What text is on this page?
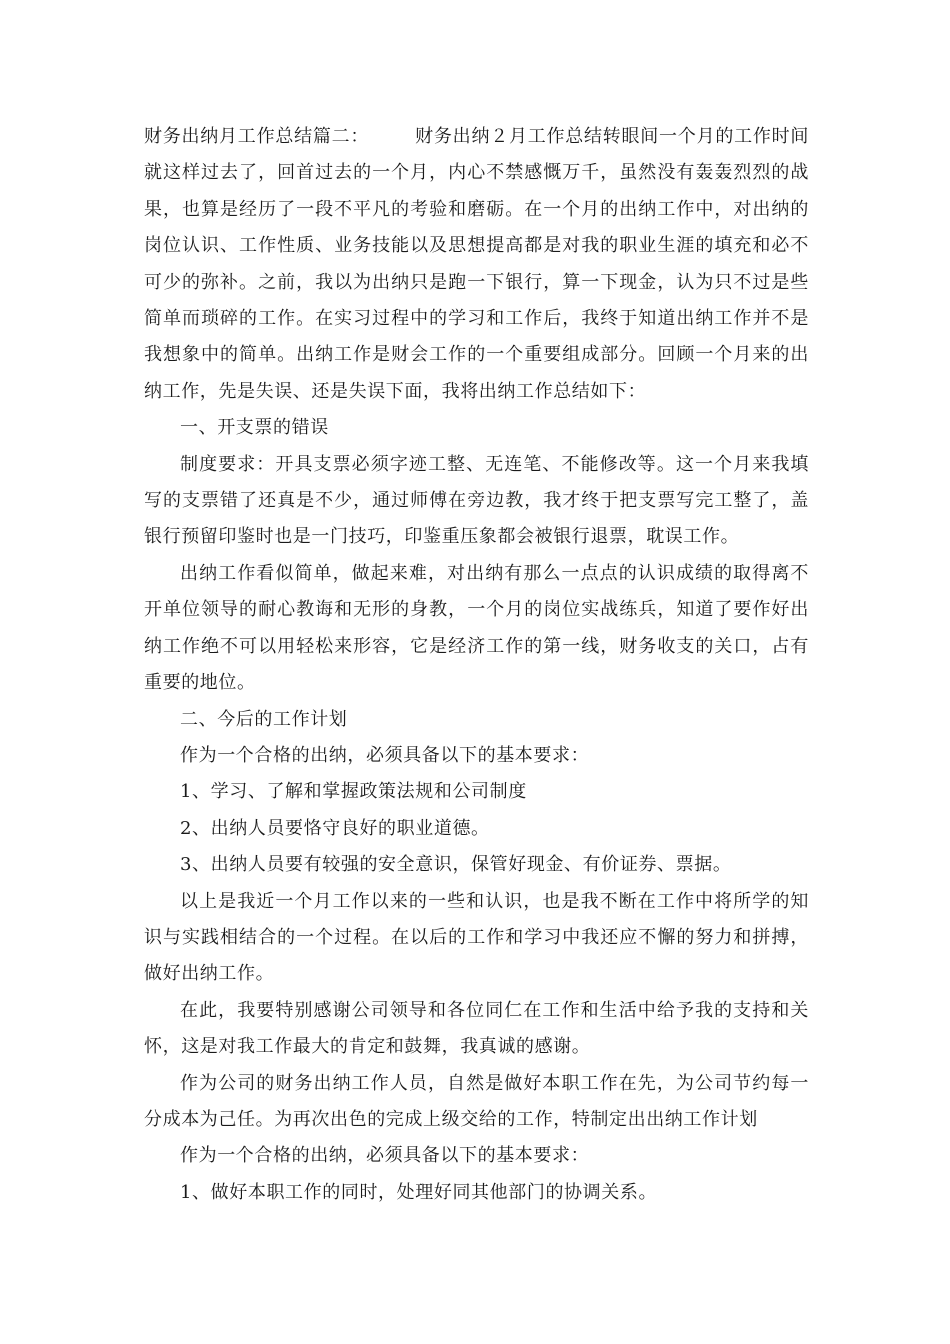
财务出纳月工作总结篇二：	财务出纳２月工作总结转眼间一个月的工作时间就这样过去了，回首过去的一个月，内心不禁感慨万千，虽然没有轰轰烈烈的战果，也算是经历了一段不平凡的考验和磨砺。在一个月的出纳工作中，对出纳的岗位认识、工作性质、业务技能以及思想提高都是对我的职业生涯的填充和必不可少的弥补。之前，我以为出纳只是跑一下银行，算一下现金，认为只不过是些简单而琐碎的工作。在实习过程中的学习和工作后，我终于知道出纳工作并不是我想象中的简单。出纳工作是财会工作的一个重要组成部分。回顾一个月来的出纳工作，先是失误、还是失误下面，我将出纳工作总结如下：

一、开支票的错误

制度要求：开具支票必须字迹工整、无连笔、不能修改等。这一个月来我填写的支票错了还真是不少，通过师傅在旁边教，我才终于把支票写完工整了，盖银行预留印鉴时也是一门技巧，印鉴重压象都会被银行退票，耽误工作。

出纳工作看似简单，做起来难，对出纳有那么一点点的认识成绩的取得离不开单位领导的耐心教诲和无形的身教，一个月的岗位实战练兵，知道了要作好出纳工作绝不可以用轻松来形容，它是经济工作的第一线，财务收支的关口，占有重要的地位。

二、今后的工作计划

作为一个合格的出纳，必须具备以下的基本要求：

1、学习、了解和掌握政策法规和公司制度

2、出纳人员要恪守良好的职业道德。

3、出纳人员要有较强的安全意识，保管好现金、有价证券、票据。

以上是我近一个月工作以来的一些和认识，也是我不断在工作中将所学的知识与实践相结合的一个过程。在以后的工作和学习中我还应不懈的努力和拼搏，做好出纳工作。

在此，我要特别感谢公司领导和各位同仁在工作和生活中给予我的支持和关怀，这是对我工作最大的肯定和鼓舞，我真诚的感谢。

作为公司的财务出纳工作人员，自然是做好本职工作在先，为公司节约每一分成本为己任。为再次出色的完成上级交给的工作，特制定出出纳工作计划

作为一个合格的出纳，必须具备以下的基本要求：

1、做好本职工作的同时，处理好同其他部门的协调关系。
